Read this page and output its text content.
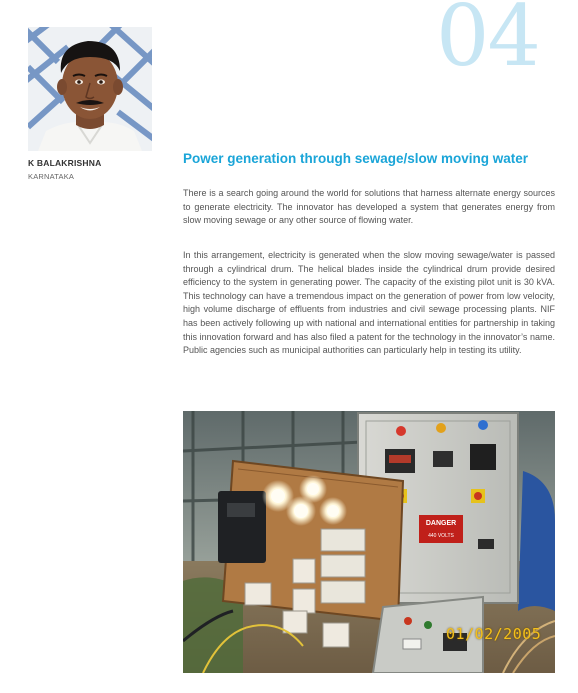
04
K BALAKRISHNA
KARNATAKA
Power generation through sewage/slow moving water

There is a search going around the world for solutions that harness alternate energy sources to generate electricity. The innovator has developed a system that generates energy from slow moving sewage or any other source of flowing water.

In this arrangement, electricity is generated when the slow moving sewage/water is passed through a cylindrical drum. The helical blades inside the cylindrical drum provide desired efficiency to the system in generating power. The capacity of the existing pilot unit is 30 kVA. This technology can have a tremendous impact on the generation of power from low velocity, high volume discharge of effluents from industries and civil sewage processing plants. NIF has been actively following up with national and international entities for partnership in taking this innovation forward and has also filed a patent for the technology in the innovator’s name. Public agencies such as municipal authorities can particularly help in testing its utility.

DANGER
440 VOLTS
01/02/2005
